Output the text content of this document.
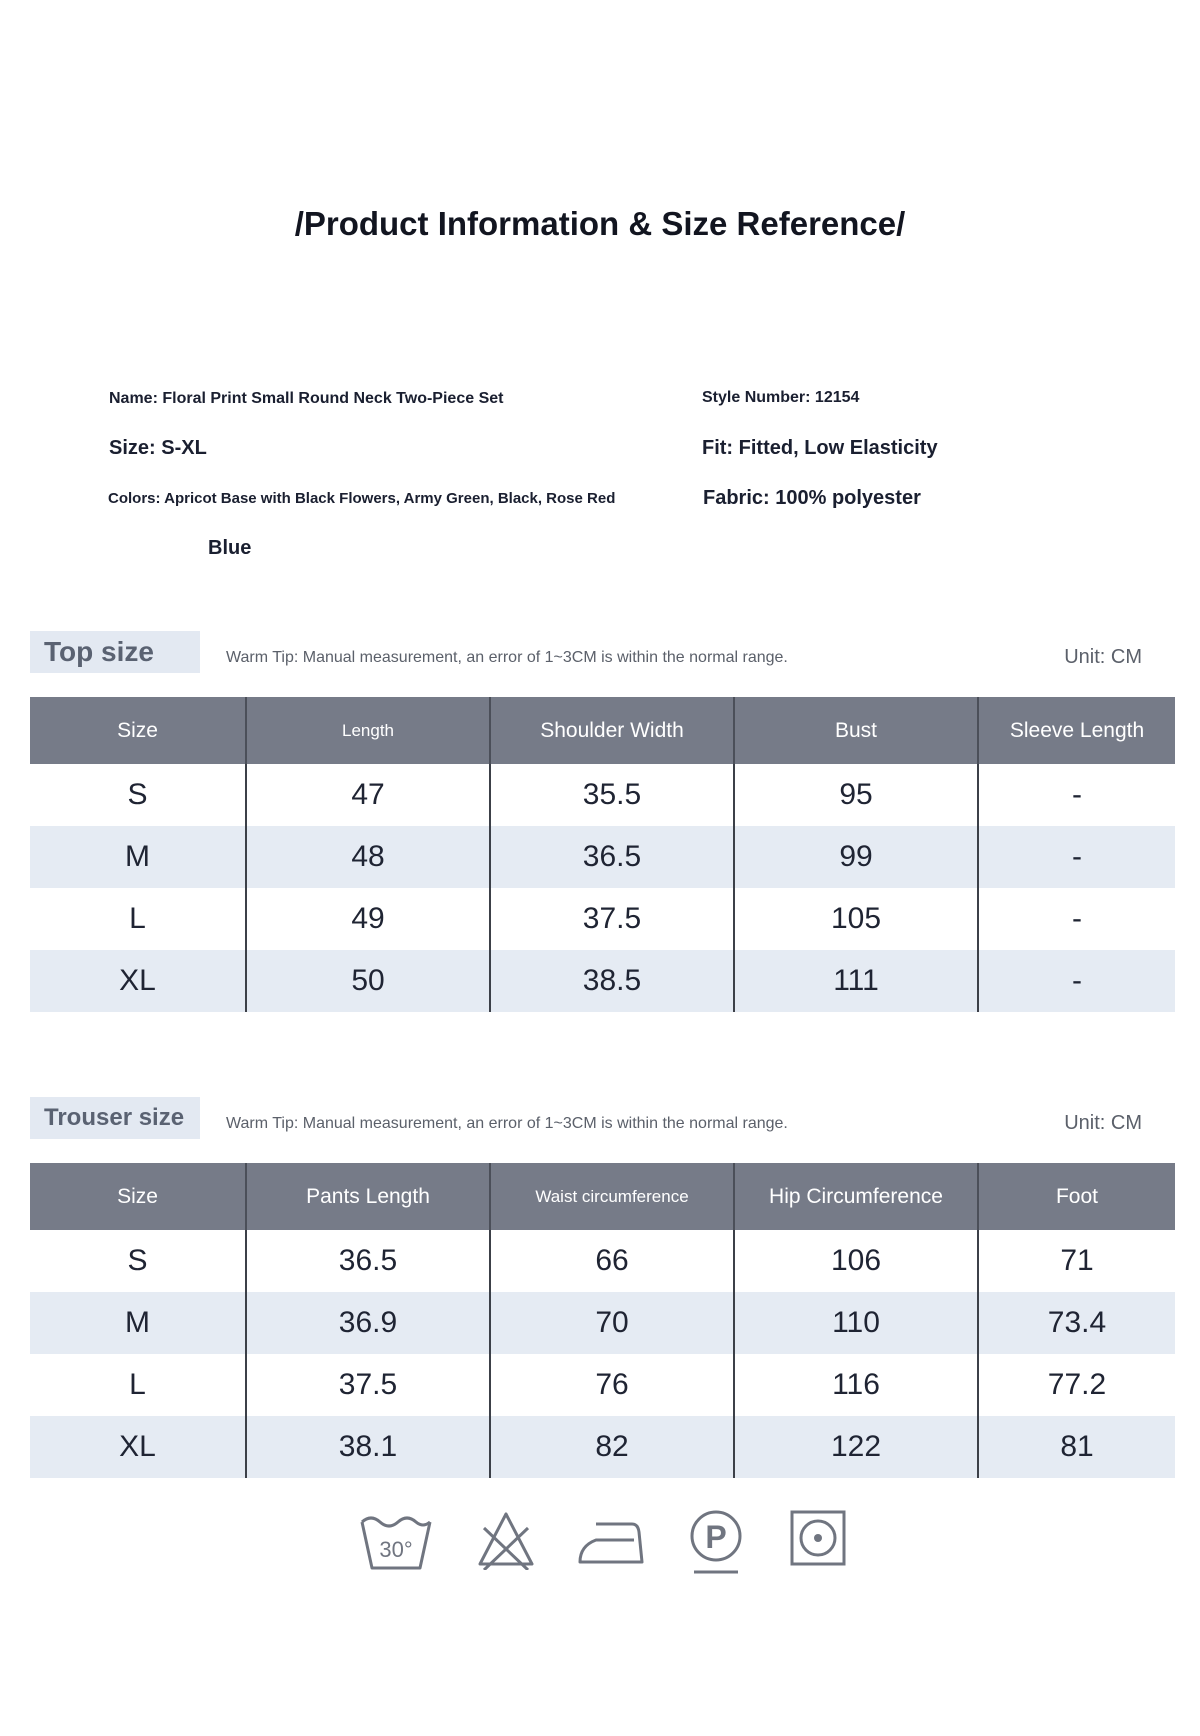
/Product Information & Size Reference/
Name: Floral Print Small Round Neck Two-Piece Set	Style Number: 12154
Size: S-XL	Fit: Fitted, Low Elasticity
Colors: Apricot Base with Black Flowers, Army Green, Black, Rose Red	Fabric: 100% polyester
Blue
Top size	Warm Tip: Manual measurement, an error of 1~3CM is within the normal range.	Unit: CM
Size	Length	Shoulder Width	Bust	Sleeve Length
S	47	35.5	95	-
M	48	36.5	99	-
L	49	37.5	105	-
XL	50	38.5	111	-
Trouser size	Warm Tip: Manual measurement, an error of 1~3CM is within the normal range.	Unit: CM
Size	Pants Length	Waist circumference	Hip Circumference	Foot
S	36.5	66	106	71
M	36.9	70	110	73.4
L	37.5	76	116	77.2
XL	38.1	82	122	81
30°	P
